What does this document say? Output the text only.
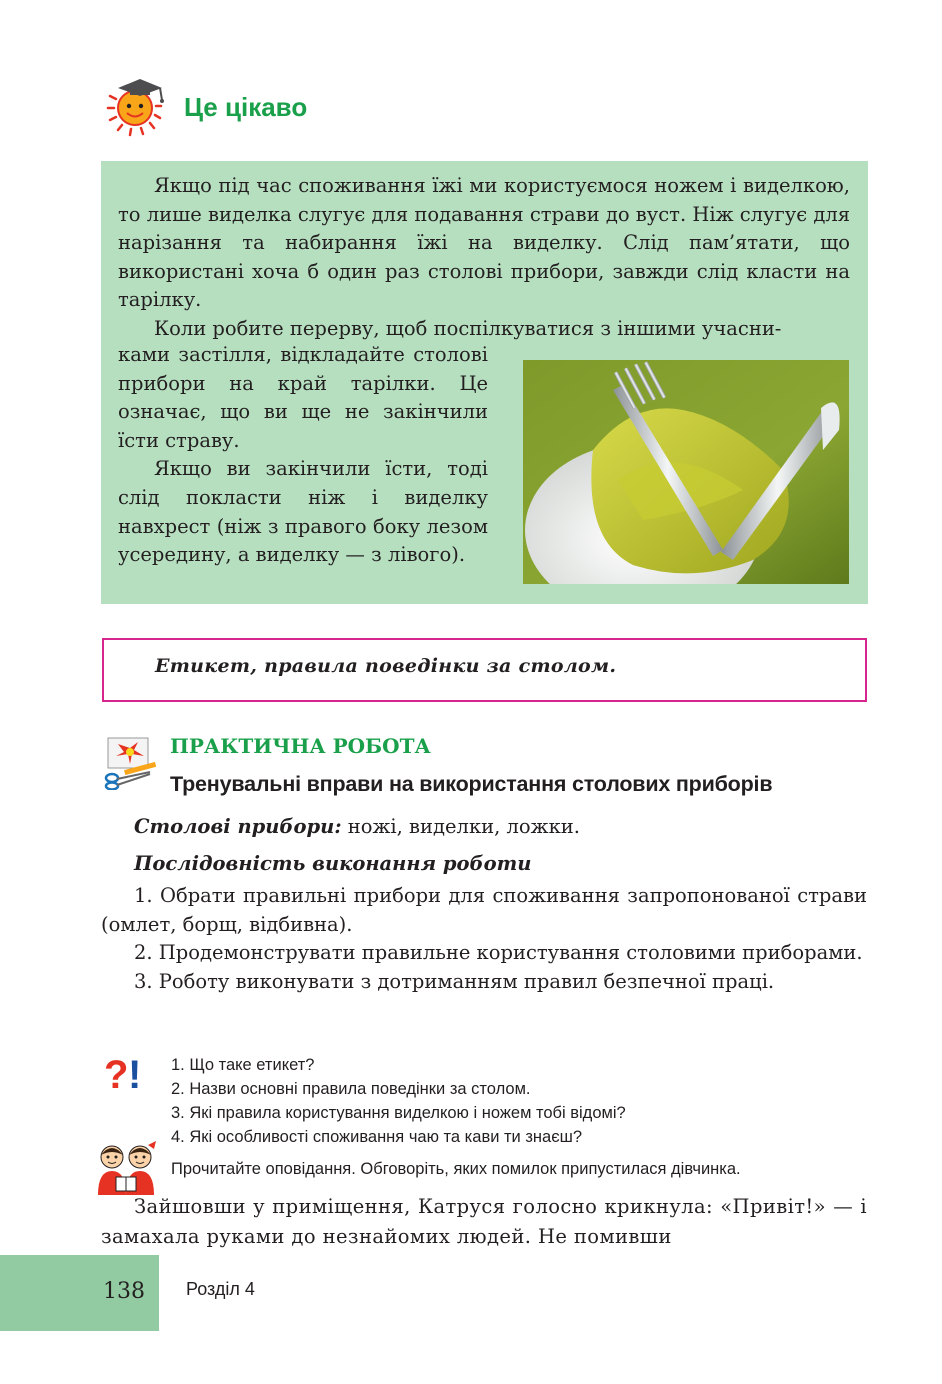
Це цікаво

Якщо під час споживання їжі ми користуємося ножем і виделкою, то лише виделка слугує для подавання страви до вуст. Ніж слугує для нарізання та набирання їжі на виделку. Слід пам’ятати, що використані хоча б один раз столові прибори, завжди слід класти на тарілку.

Коли робите перерву, щоб поспілкуватися з іншими учасни-

ками застілля, відкладайте столові прибори на край тарілки. Це означає, що ви ще не закінчили їсти страву.

Якщо ви закінчили їсти, тоді слід покласти ніж і виделку навхрест (ніж з правого боку лезом усередину, а виделку — з лівого).

Етикет, правила поведінки за столом.
ПРАКТИЧНА РОБОТА
Тренувальні вправи на використання столових приборів
Столові прибори: ножі, виделки, ложки.
Послідовність виконання роботи

1. Обрати правильні прибори для споживання запропонованої страви (омлет, борщ, відбивна).

2. Продемонструвати правильне користування столовими приборами.

3. Роботу виконувати з дотриманням правил безпечної праці.

? ! 1. Що таке етикет?
2. Назви основні правила поведінки за столом.
3. Які правила користування виделкою і ножем тобі відомі?
4. Які особливості споживання чаю та кави ти знаєш?
Прочитайте оповідання. Обговоріть, яких помилок припустилася дівчинка.

Зайшовши у приміщення, Катруся голосно крикнула: «Привіт!» — і замахала руками до незнайомих людей. Не помивши

138 Розділ 4
